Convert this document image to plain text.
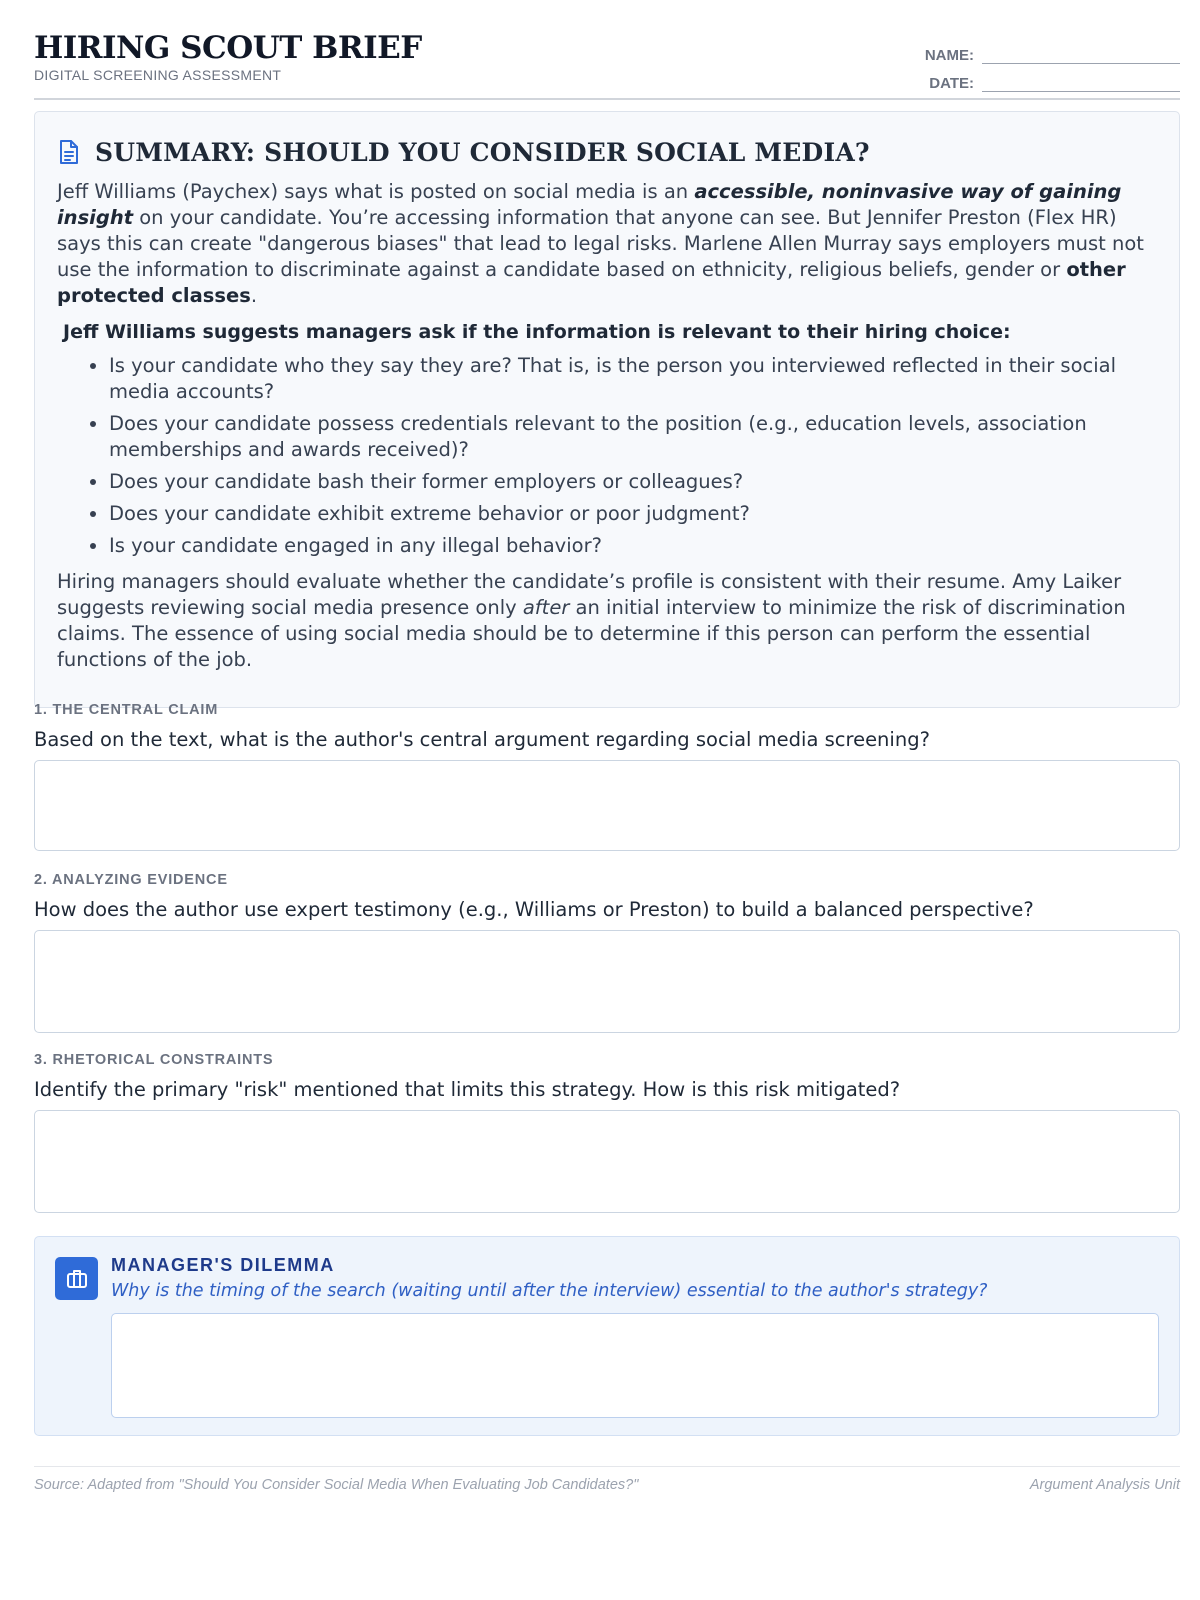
HIRING SCOUT BRIEF
DIGITAL SCREENING ASSESSMENT
NAME:
DATE:
SUMMARY: SHOULD YOU CONSIDER SOCIAL MEDIA?

Jeff Williams (Paychex) says what is posted on social media is an accessible, noninvasive way of gaining insight on your candidate. You’re accessing information that anyone can see. But Jennifer Preston (Flex HR) says this can create "dangerous biases" that lead to legal risks. Marlene Allen Murray says employers must not use the information to discriminate against a candidate based on ethnicity, religious beliefs, gender or other protected classes.

Jeff Williams suggests managers ask if the information is relevant to their hiring choice:

• Is your candidate who they say they are? That is, is the person you interviewed reflected in their social media accounts?
• Does your candidate possess credentials relevant to the position (e.g., education levels, association memberships and awards received)?
• Does your candidate bash their former employers or colleagues?
• Does your candidate exhibit extreme behavior or poor judgment?
• Is your candidate engaged in any illegal behavior?

Hiring managers should evaluate whether the candidate’s profile is consistent with their resume. Amy Laiker suggests reviewing social media presence only after an initial interview to minimize the risk of discrimination claims. The essence of using social media should be to determine if this person can perform the essential functions of the job.

1. THE CENTRAL CLAIM
Based on the text, what is the author's central argument regarding social media screening?
2. ANALYZING EVIDENCE
How does the author use expert testimony (e.g., Williams or Preston) to build a balanced perspective?
3. RHETORICAL CONSTRAINTS
Identify the primary "risk" mentioned that limits this strategy. How is this risk mitigated?
MANAGER'S DILEMMA
Why is the timing of the search (waiting until after the interview) essential to the author's strategy?
Source: Adapted from "Should You Consider Social Media When Evaluating Job Candidates?"	Argument Analysis Unit
